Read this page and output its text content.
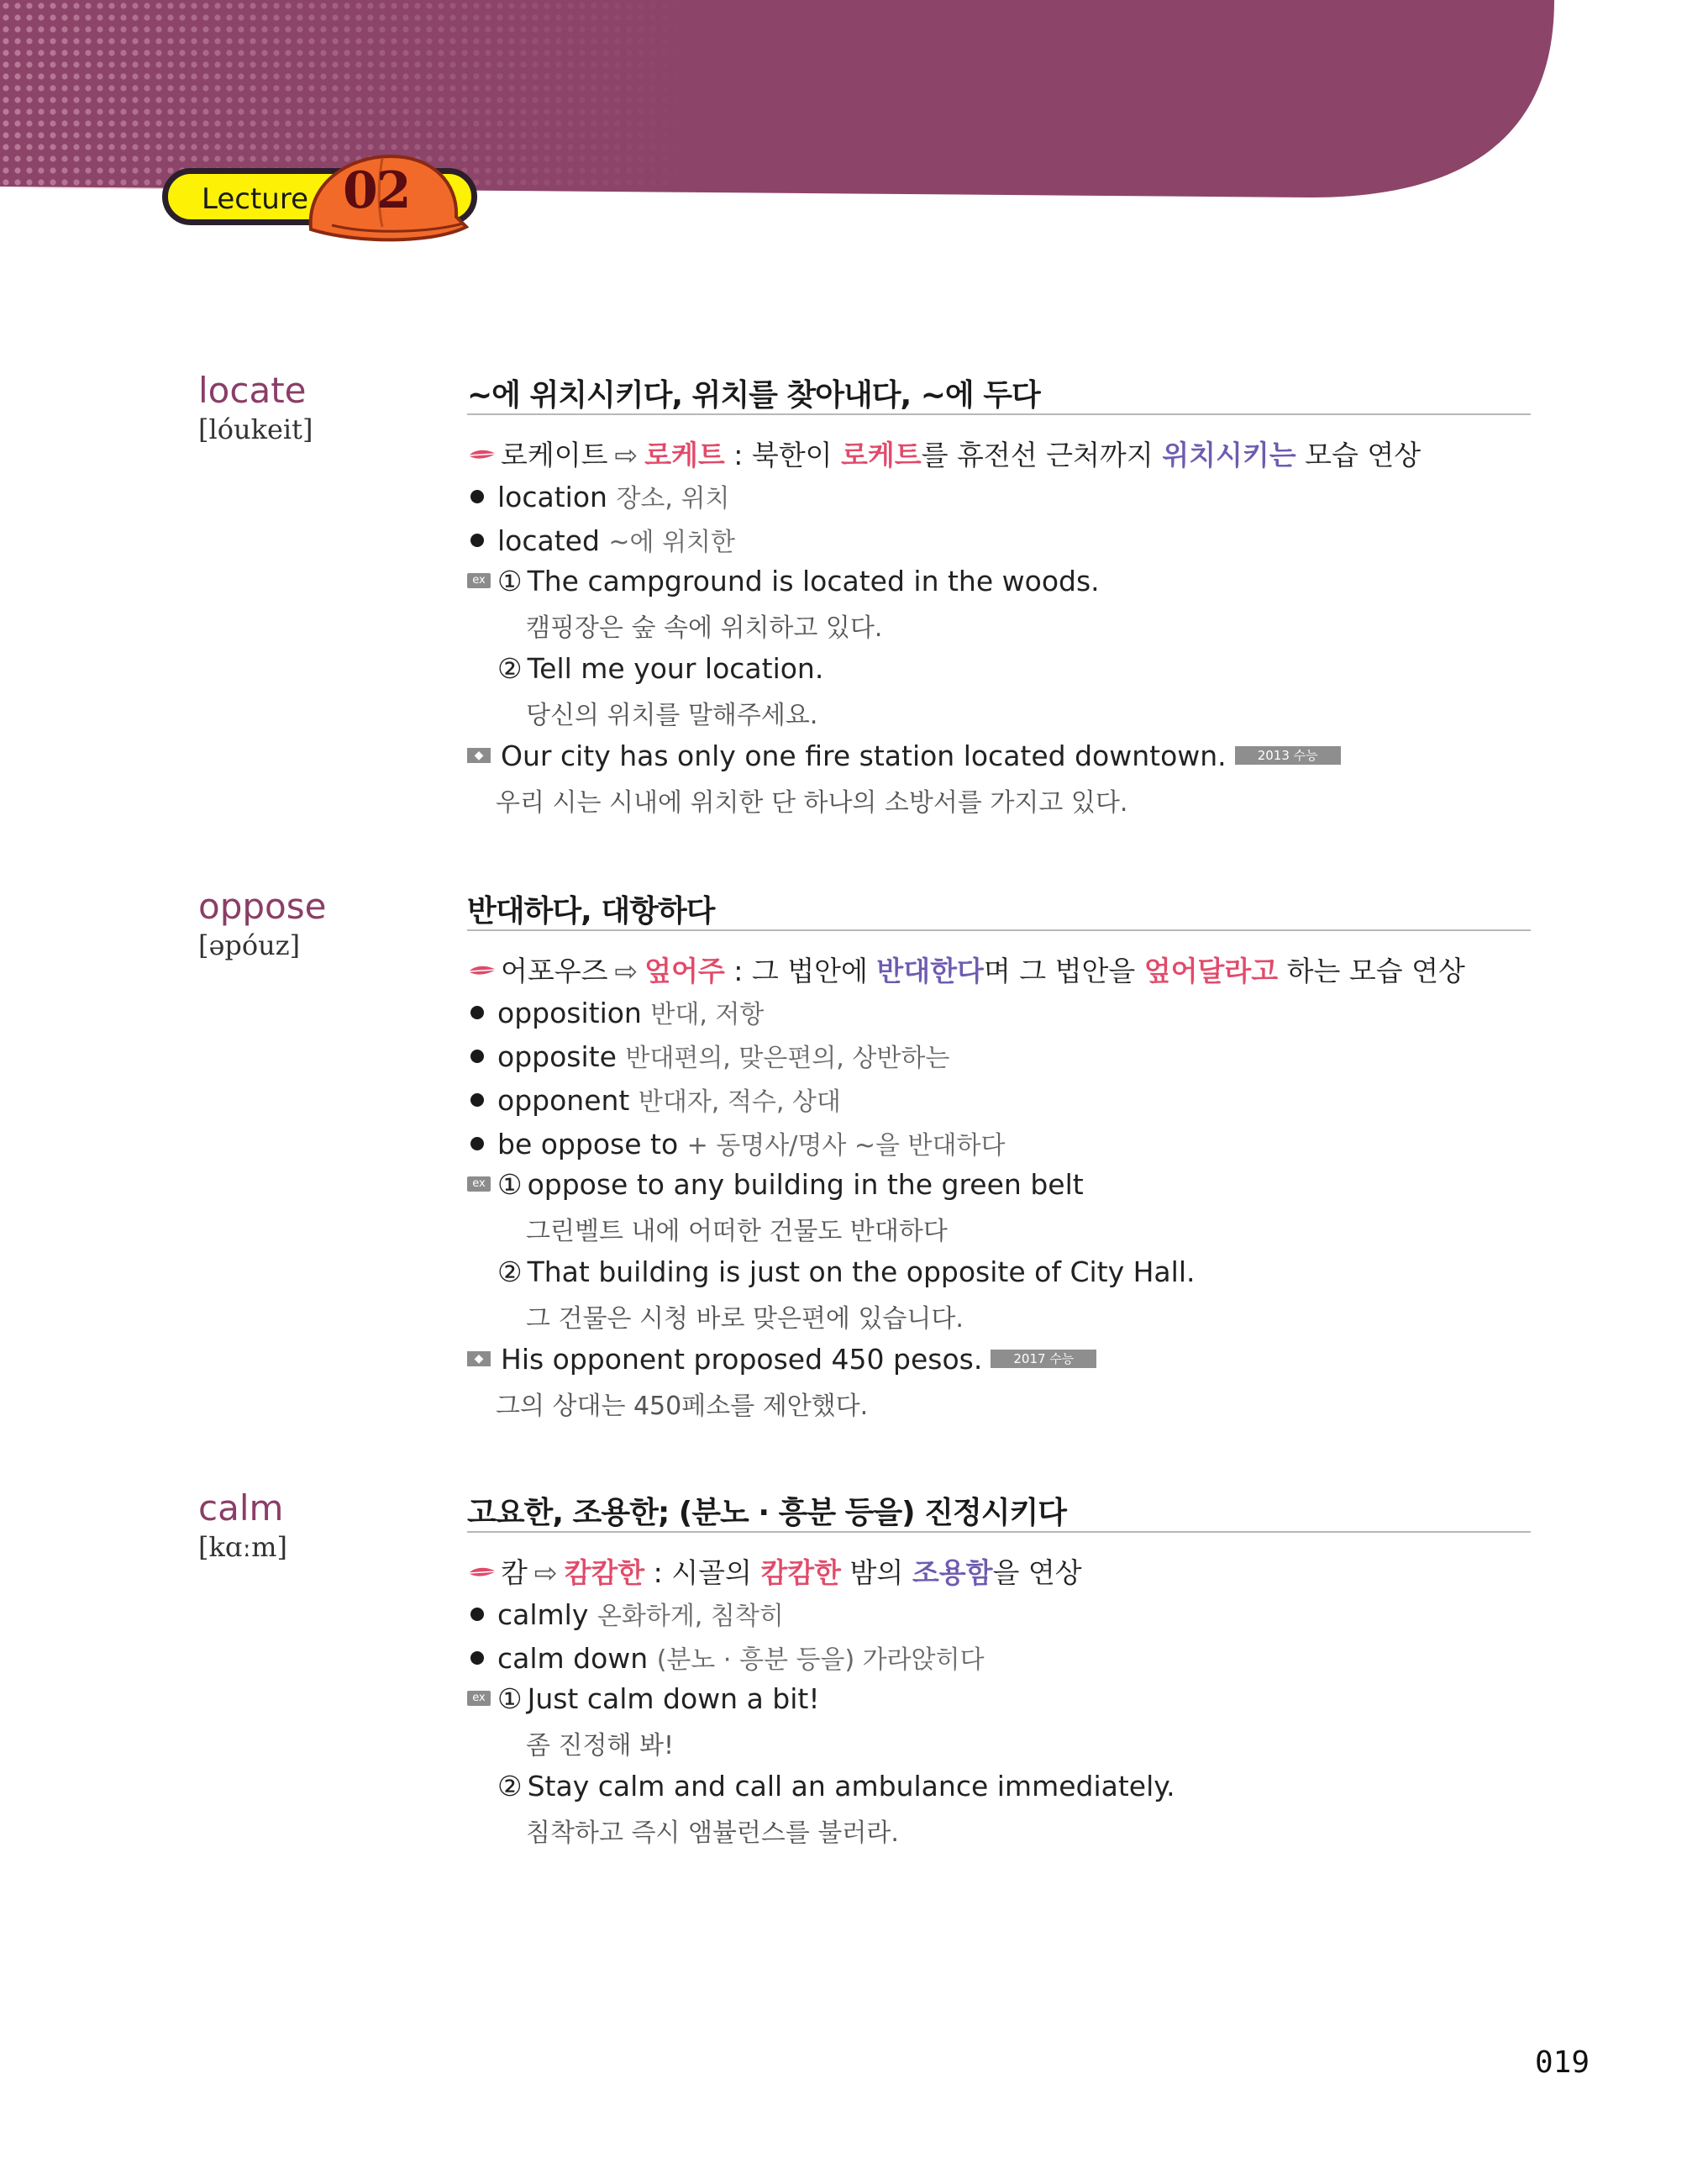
Lecture 02
locate
[lóukeit]
~에 위치시키다, 위치를 찾아내다, ~에 두다
로케이트 ⇨ 로케트 : 북한이 로케트를 휴전선 근처까지 위치시키는 모습 연상
location 장소, 위치
located ~에 위치한
ex ① The campground is located in the woods.
캠핑장은 숲 속에 위치하고 있다.
② Tell me your location.
당신의 위치를 말해주세요.
◆ Our city has only one fire station located downtown. 2013 수능
우리 시는 시내에 위치한 단 하나의 소방서를 가지고 있다.
oppose
[əpóuz]
반대하다, 대항하다
어포우즈 ⇨ 엎어주 : 그 법안에 반대한다며 그 법안을 엎어달라고 하는 모습 연상
opposition 반대, 저항
opposite 반대편의, 맞은편의, 상반하는
opponent 반대자, 적수, 상대
be oppose to + 동명사/명사 ~을 반대하다
ex ① oppose to any building in the green belt
그린벨트 내에 어떠한 건물도 반대하다
② That building is just on the opposite of City Hall.
그 건물은 시청 바로 맞은편에 있습니다.
◆ His opponent proposed 450 pesos. 2017 수능
그의 상대는 450페소를 제안했다.
calm
[kɑːm]
고요한, 조용한; (분노 · 흥분 등을) 진정시키다
캄 ⇨ 캄캄한 : 시골의 캄캄한 밤의 조용함을 연상
calmly 온화하게, 침착히
calm down (분노 · 흥분 등을) 가라앉히다
ex ① Just calm down a bit!
좀 진정해 봐!
② Stay calm and call an ambulance immediately.
침착하고 즉시 앰뷸런스를 불러라.
019
